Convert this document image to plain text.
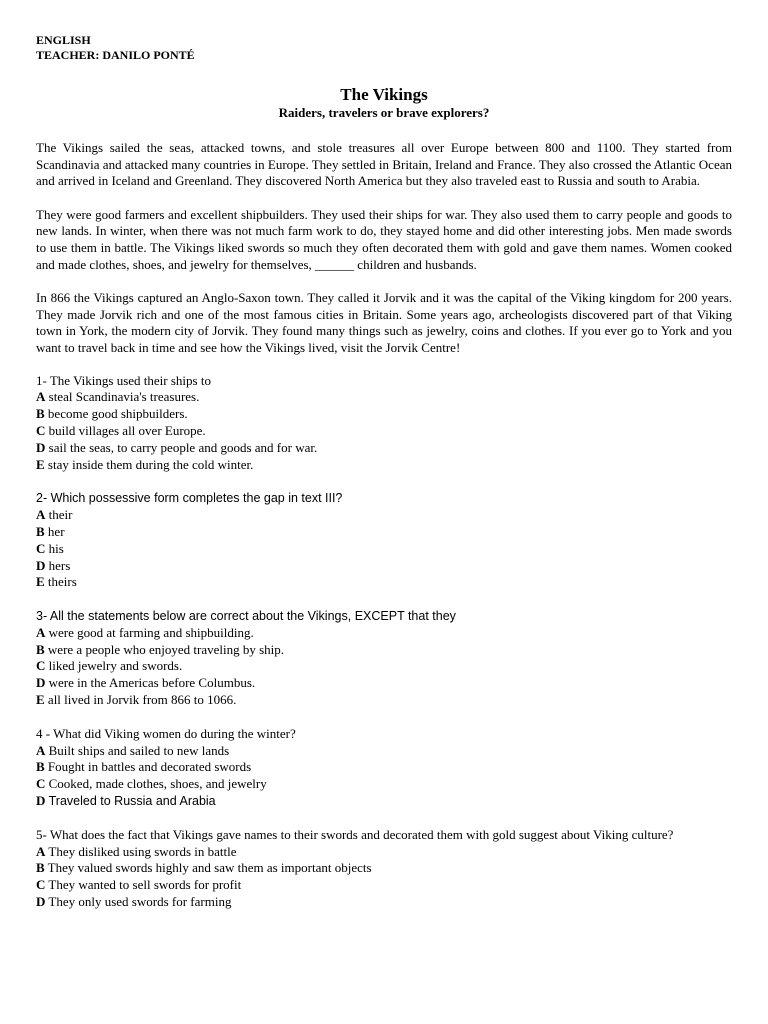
ENGLISH
TEACHER: DANILO PONTÉ
The Vikings
Raiders, travelers or brave explorers?
The Vikings sailed the seas, attacked towns, and stole treasures all over Europe between 800 and 1100. They started from Scandinavia and attacked many countries in Europe. They settled in Britain, Ireland and France. They also crossed the Atlantic Ocean and arrived in Iceland and Greenland. They discovered North America but they also traveled east to Russia and south to Arabia.
They were good farmers and excellent shipbuilders. They used their ships for war. They also used them to carry people and goods to new lands. In winter, when there was not much farm work to do, they stayed home and did other interesting jobs. Men made swords to use them in battle. The Vikings liked swords so much they often decorated them with gold and gave them names. Women cooked and made clothes, shoes, and jewelry for themselves, ______ children and husbands.
In 866 the Vikings captured an Anglo-Saxon town. They called it Jorvik and it was the capital of the Viking kingdom for 200 years. They made Jorvik rich and one of the most famous cities in Britain. Some years ago, archeologists discovered part of that Viking town in York, the modern city of Jorvik. They found many things such as jewelry, coins and clothes. If you ever go to York and you want to travel back in time and see how the Vikings lived, visit the Jorvik Centre!
1- The Vikings used their ships to
A steal Scandinavia's treasures.
B become good shipbuilders.
C build villages all over Europe.
D sail the seas, to carry people and goods and for war.
E stay inside them during the cold winter.
2- Which possessive form completes the gap in text III?
A their
B her
C his
D hers
E theirs
3- All the statements below are correct about the Vikings, EXCEPT that they
A were good at farming and shipbuilding.
B were a people who enjoyed traveling by ship.
C liked jewelry and swords.
D were in the Americas before Columbus.
E all lived in Jorvik from 866 to 1066.
4 - What did Viking women do during the winter?
A Built ships and sailed to new lands
B Fought in battles and decorated swords
C Cooked, made clothes, shoes, and jewelry
D Traveled to Russia and Arabia
5- What does the fact that Vikings gave names to their swords and decorated them with gold suggest about Viking culture?
A They disliked using swords in battle
B They valued swords highly and saw them as important objects
C They wanted to sell swords for profit
D They only used swords for farming
